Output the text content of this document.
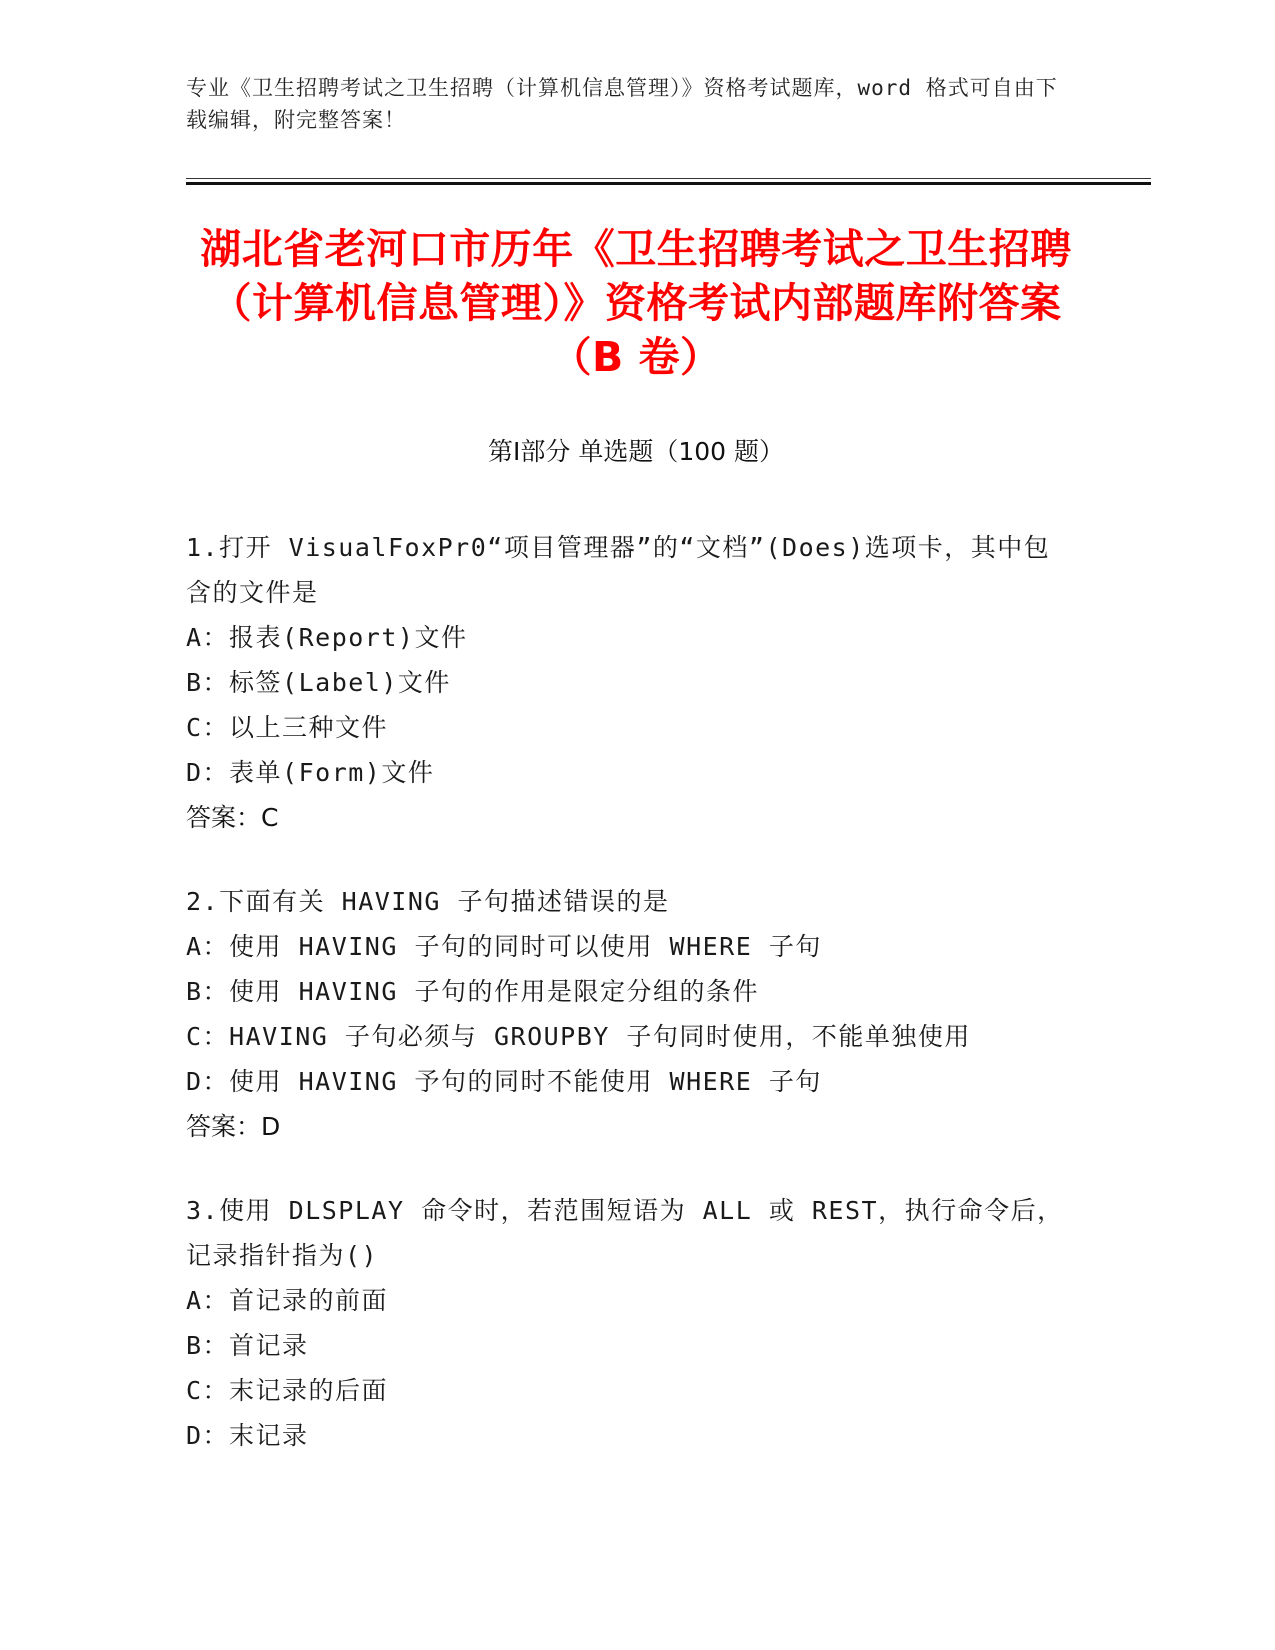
专业《卫生招聘考试之卫生招聘（计算机信息管理）》资格考试题库，word 格式可自由下载编辑，附完整答案！
湖北省老河口市历年《卫生招聘考试之卫生招聘（计算机信息管理）》资格考试内部题库附答案（B 卷）
第Ⅰ部分 单选题（100 题）

1.打开 VisualFoxPr0“项目管理器”的“文档”(Does)选项卡，其中包含的文件是

A：报表(Report)文件

B：标签(Label)文件

C：以上三种文件

D：表单(Form)文件

答案：C

2.下面有关 HAVING 子句描述错误的是

A：使用 HAVING 子句的同时可以使用 WHERE 子句

B：使用 HAVING 子句的作用是限定分组的条件

C：HAVING 子句必须与 GROUPBY 子句同时使用，不能单独使用

D：使用 HAVING 予句的同时不能使用 WHERE 子句

答案：D

3.使用 DLSPLAY 命令时，若范围短语为 ALL 或 REST，执行命令后，记录指针指为()

A：首记录的前面

B：首记录

C：末记录的后面

D：末记录
